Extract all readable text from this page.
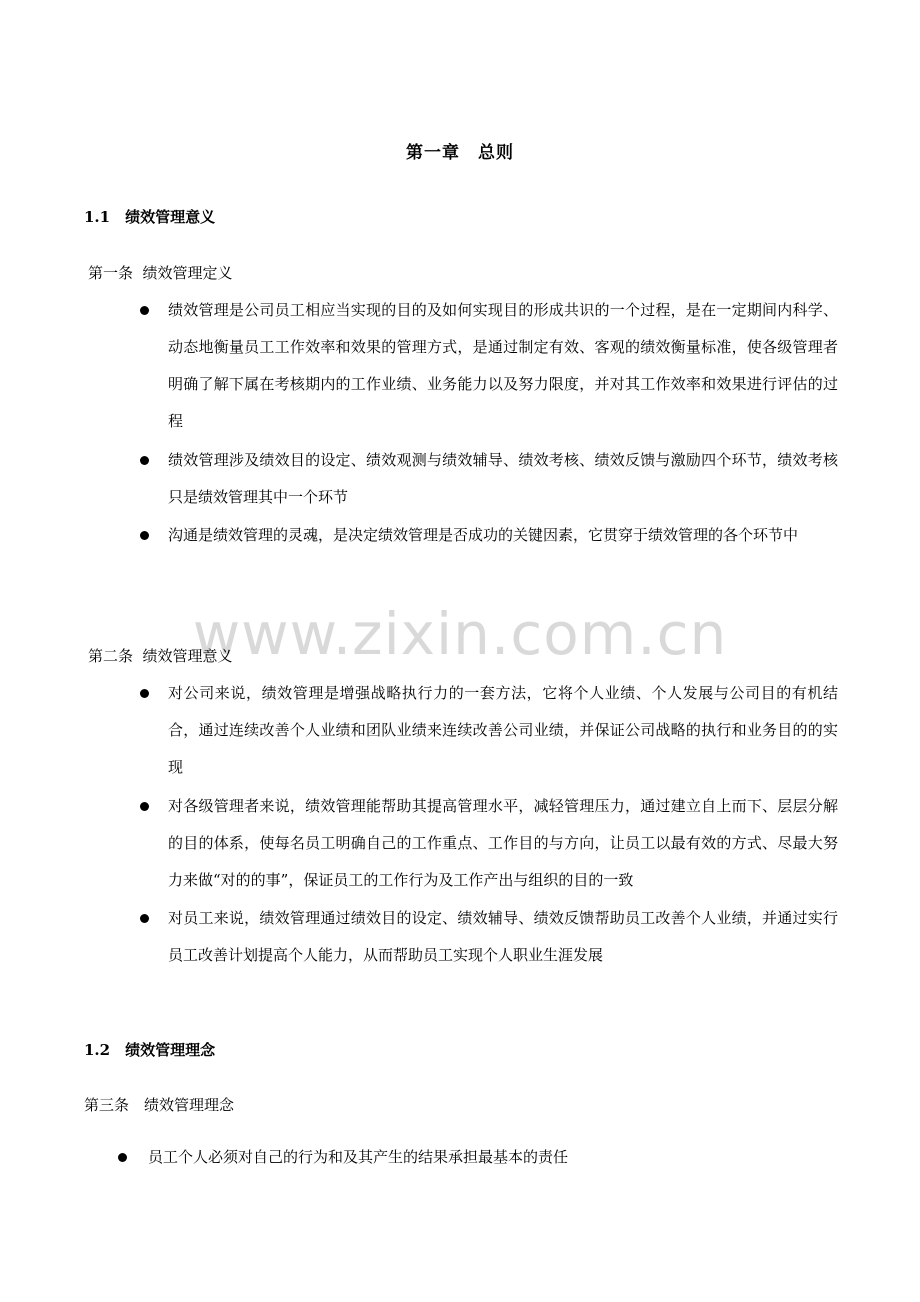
第一章　总则
1.1　绩效管理意义
第一条  绩效管理定义
绩效管理是公司员工相应当实现的目的及如何实现目的形成共识的一个过程，是在一定期间内科学、动态地衡量员工工作效率和效果的管理方式，是通过制定有效、客观的绩效衡量标准，使各级管理者明确了解下属在考核期内的工作业绩、业务能力以及努力限度，并对其工作效率和效果进行评估的过程
绩效管理涉及绩效目的设定、绩效观测与绩效辅导、绩效考核、绩效反馈与激励四个环节，绩效考核只是绩效管理其中一个环节
沟通是绩效管理的灵魂，是决定绩效管理是否成功的关键因素，它贯穿于绩效管理的各个环节中
www.zixin.com.cn
第二条  绩效管理意义
对公司来说，绩效管理是增强战略执行力的一套方法，它将个人业绩、个人发展与公司目的有机结合，通过连续改善个人业绩和团队业绩来连续改善公司业绩，并保证公司战略的执行和业务目的的实现
对各级管理者来说，绩效管理能帮助其提高管理水平，减轻管理压力，通过建立自上而下、层层分解的目的体系，使每名员工明确自己的工作重点、工作目的与方向，让员工以最有效的方式、尽最大努力来做“对的的事”，保证员工的工作行为及工作产出与组织的目的一致
对员工来说，绩效管理通过绩效目的设定、绩效辅导、绩效反馈帮助员工改善个人业绩，并通过实行员工改善计划提高个人能力，从而帮助员工实现个人职业生涯发展
1.2　绩效管理理念
第三条　绩效管理理念
员工个人必须对自己的行为和及其产生的结果承担最基本的责任
